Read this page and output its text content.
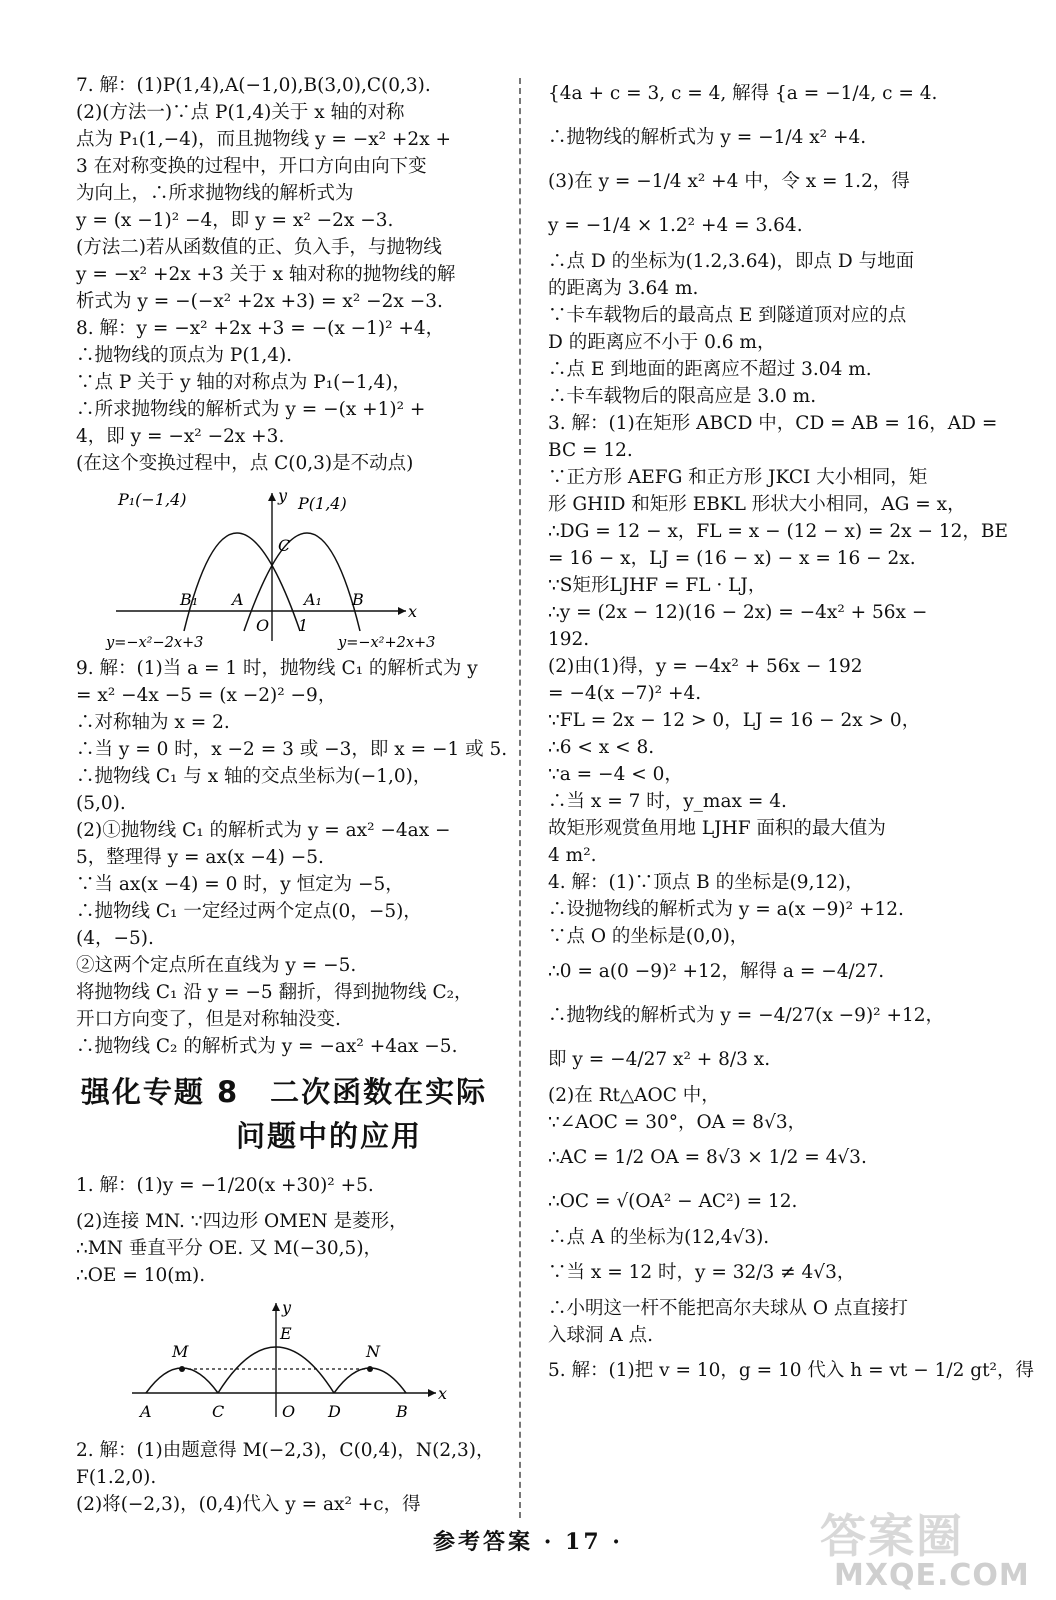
7. 解：(1)P(1,4),A(−1,0),B(3,0),C(0,3).
(2)(方法一)∵点 P(1,4)关于 x 轴的对称
点为 P₁(1,−4)，而且抛物线 y = −x² +2x +
3 在对称变换的过程中，开口方向由向下变
为向上，∴所求抛物线的解析式为
y = (x −1)² −4，即 y = x² −2x −3.
(方法二)若从函数值的正、负入手，与抛物线
y = −x² +2x +3 关于 x 轴对称的抛物线的解
析式为 y = −(−x² +2x +3) = x² −2x −3.
8. 解：y = −x² +2x +3 = −(x −1)² +4，
∴抛物线的顶点为 P(1,4).
∵点 P 关于 y 轴的对称点为 P₁(−1,4)，
∴所求抛物线的解析式为 y = −(x +1)² +
4，即 y = −x² −2x +3.
(在这个变换过程中，点 C(0,3)是不动点)
P₁(−1,4)	P(1,4)
y
x
C
B₁ A
O
A₁ B
1
y=−x²−2x+3	y=−x²+2x+3
9. 解：(1)当 a = 1 时，抛物线 C₁ 的解析式为 y
= x² −4x −5 = (x −2)² −9，
∴对称轴为 x = 2.
∴当 y = 0 时，x −2 = 3 或 −3，即 x = −1 或 5.
∴抛物线 C₁ 与 x 轴的交点坐标为(−1,0)，
(5,0).
(2)①抛物线 C₁ 的解析式为 y = ax² −4ax −
5，整理得 y = ax(x −4) −5.
∵当 ax(x −4) = 0 时，y 恒定为 −5，
∴抛物线 C₁ 一定经过两个定点(0，−5)，
(4，−5).
②这两个定点所在直线为 y = −5.
将抛物线 C₁ 沿 y = −5 翻折，得到抛物线 C₂，
开口方向变了，但是对称轴没变.
∴抛物线 C₂ 的解析式为 y = −ax² +4ax −5.
强化专题 8　二次函数在实际
问题中的应用
1. 解：(1)y = −1/20(x +30)² +5.
(2)连接 MN. ∵四边形 OMEN 是菱形，
∴MN 垂直平分 OE. 又 M(−30,5)，
∴OE = 10(m).
y
x
M
E
N
A	C	O D	B
2. 解：(1)由题意得 M(−2,3)，C(0,4)，N(2,3)，
F(1.2,0).
(2)将(−2,3)，(0,4)代入 y = ax² +c，得
{4a + c = 3, c = 4, 解得 {a = −1/4, c = 4.
∴抛物线的解析式为 y = −1/4 x² +4.
(3)在 y = −1/4 x² +4 中，令 x = 1.2，得
y = −1/4 × 1.2² +4 = 3.64.
∴点 D 的坐标为(1.2,3.64)，即点 D 与地面
的距离为 3.64 m.
∵卡车载物后的最高点 E 到隧道顶对应的点
D 的距离应不小于 0.6 m，
∴点 E 到地面的距离应不超过 3.04 m.
∴卡车载物后的限高应是 3.0 m.
3. 解：(1)在矩形 ABCD 中，CD = AB = 16，AD =
BC = 12.
∵正方形 AEFG 和正方形 JKCI 大小相同，矩
形 GHID 和矩形 EBKL 形状大小相同，AG = x，
∴DG = 12 − x，FL = x − (12 − x) = 2x − 12，BE
= 16 − x，LJ = (16 − x) − x = 16 − 2x.
∵S矩形LJHF = FL · LJ，
∴y = (2x − 12)(16 − 2x) = −4x² + 56x −
192.
(2)由(1)得，y = −4x² + 56x − 192
= −4(x −7)² +4.
∵FL = 2x − 12 > 0，LJ = 16 − 2x > 0，
∴6 < x < 8.
∵a = −4 < 0，
∴当 x = 7 时，y_max = 4.
故矩形观赏鱼用地 LJHF 面积的最大值为
4 m².
4. 解：(1)∵顶点 B 的坐标是(9,12)，
∴设抛物线的解析式为 y = a(x −9)² +12.
∵点 O 的坐标是(0,0)，
∴0 = a(0 −9)² +12，解得 a = −4/27.
∴抛物线的解析式为 y = −4/27(x −9)² +12，
即 y = −4/27 x² + 8/3 x.
(2)在 Rt△AOC 中，
∵∠AOC = 30°，OA = 8√3，
∴AC = 1/2 OA = 8√3 × 1/2 = 4√3.
∴OC = √(OA² − AC²) = 12.
∴点 A 的坐标为(12,4√3).
∵当 x = 12 时，y = 32/3 ≠ 4√3，
∴小明这一杆不能把高尔夫球从 O 点直接打
入球洞 A 点.
5. 解：(1)把 v = 10，g = 10 代入 h = vt − 1/2 gt²，得
参考答案 · 17 ·	答案圈
MXQE.COM
